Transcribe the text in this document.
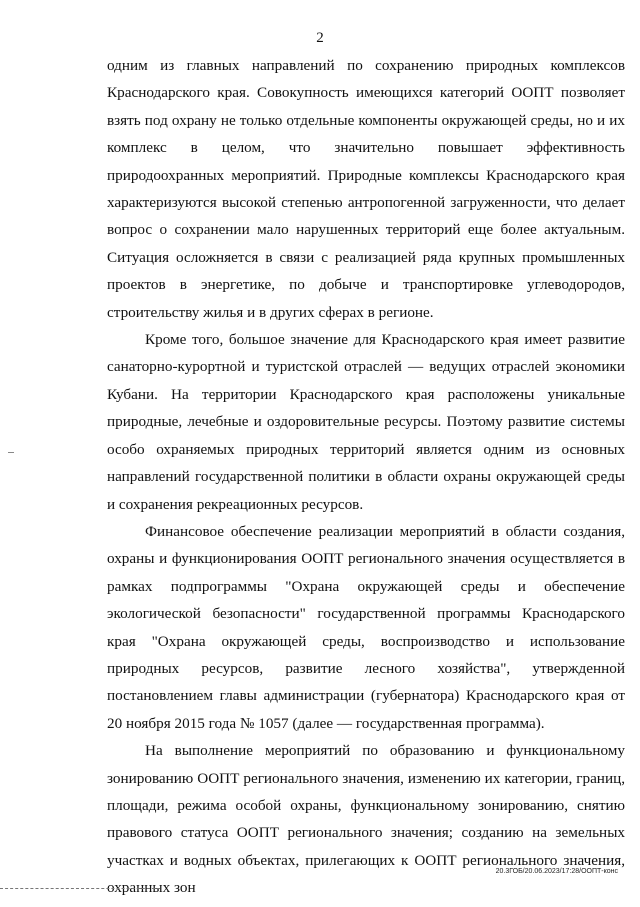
2

одним из главных направлений по сохранению природных комплексов Краснодарского края. Совокупность имеющихся категорий ООПТ позволяет взять под охрану не только отдельные компоненты окружающей среды, но и их комплекс в целом, что значительно повышает эффективность природоохранных мероприятий. Природные комплексы Краснодарского края характеризуются высокой степенью антропогенной загруженности, что делает вопрос о сохранении мало нарушенных территорий еще более актуальным. Ситуация осложняется в связи с реализацией ряда крупных промышленных проектов в энергетике, по добыче и транспортировке углеводородов, строительству жилья и в других сферах в регионе.

Кроме того, большое значение для Краснодарского края имеет развитие санаторно-курортной и туристской отраслей — ведущих отраслей экономики Кубани. На территории Краснодарского края расположены уникальные природные, лечебные и оздоровительные ресурсы. Поэтому развитие системы особо охраняемых природных территорий является одним из основных направлений государственной политики в области охраны окружающей среды и сохранения рекреационных ресурсов.

Финансовое обеспечение реализации мероприятий в области создания, охраны и функционирования ООПТ регионального значения осуществляется в рамках подпрограммы "Охрана окружающей среды и обеспечение экологической безопасности" государственной программы Краснодарского края "Охрана окружающей среды, воспроизводство и использование природных ресурсов, развитие лесного хозяйства", утвержденной постановлением главы администрации (губернатора) Краснодарского края от 20 ноября 2015 года № 1057 (далее — государственная программа).

На выполнение мероприятий по образованию и функциональному зонированию ООПТ регионального значения, изменению их категории, границ, площади, режима особой охраны, функциональному зонированию, снятию правового статуса ООПТ регионального значения; созданию на земельных участках и водных объектах, прилегающих к ООПТ регионального значения, охранных зон

20.3ГОБ/20.06.2023/17:28/ООПТ-конс
